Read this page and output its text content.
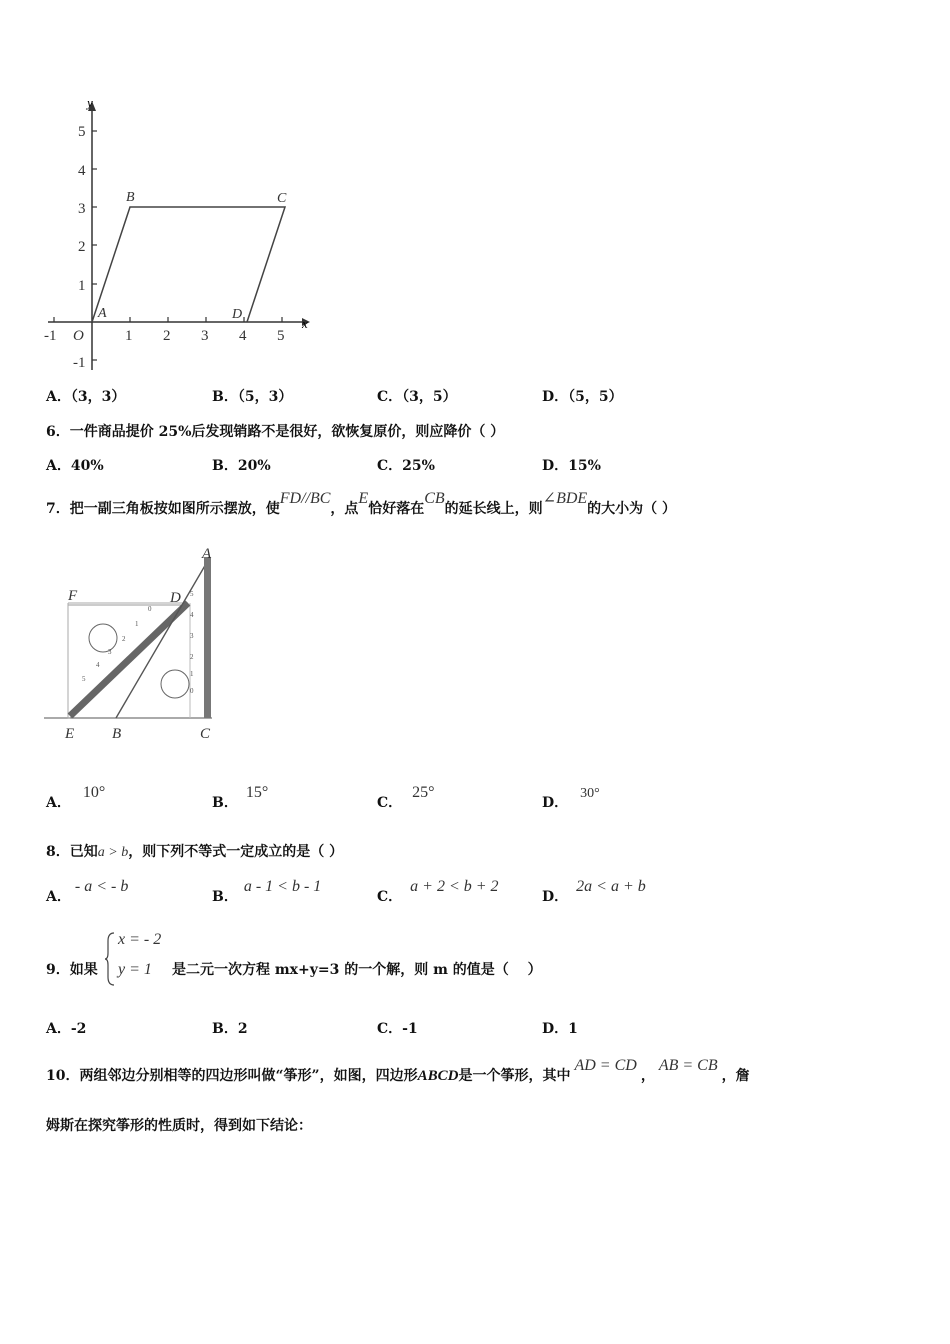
y
x
-1	1 2 3 4 5
O
5
4
3
2
1
-1
A
B	C
D
A．（3，3）	B．（5，3）	C．（3，5）	D．（5，5）
6．一件商品提价 25%后发现销路不是很好，欲恢复原价，则应降价（ ）
A．40%	B．20%	C．25%	D．15%
7．把一副三角板按如图所示摆放，使FD//BC，点E恰好落在CB的延长线上，则∠BDE的大小为（ ）
0
1
2
3
4
5
5
4
3
2
1
0
A
F	D
E	B	C
A．10°
B．15°
C．25°
D．30°
8．已知a > b，则下列不等式一定成立的是（ ）
A．- a < - b
B．a - 1 < b - 1
C．a + 2 < b + 2
D．2a < a + b
9．如果
x = - 2
y = 1 是二元一次方程 mx+y=3 的一个解，则 m 的值是（　 ）
A．-2	B．2	C．-1	D．1
10．两组邻边分别相等的四边形叫做“筝形”，如图，四边形ABCD是一个筝形，其中AD = CD，AB = CB，詹
姆斯在探究筝形的性质时，得到如下结论：
